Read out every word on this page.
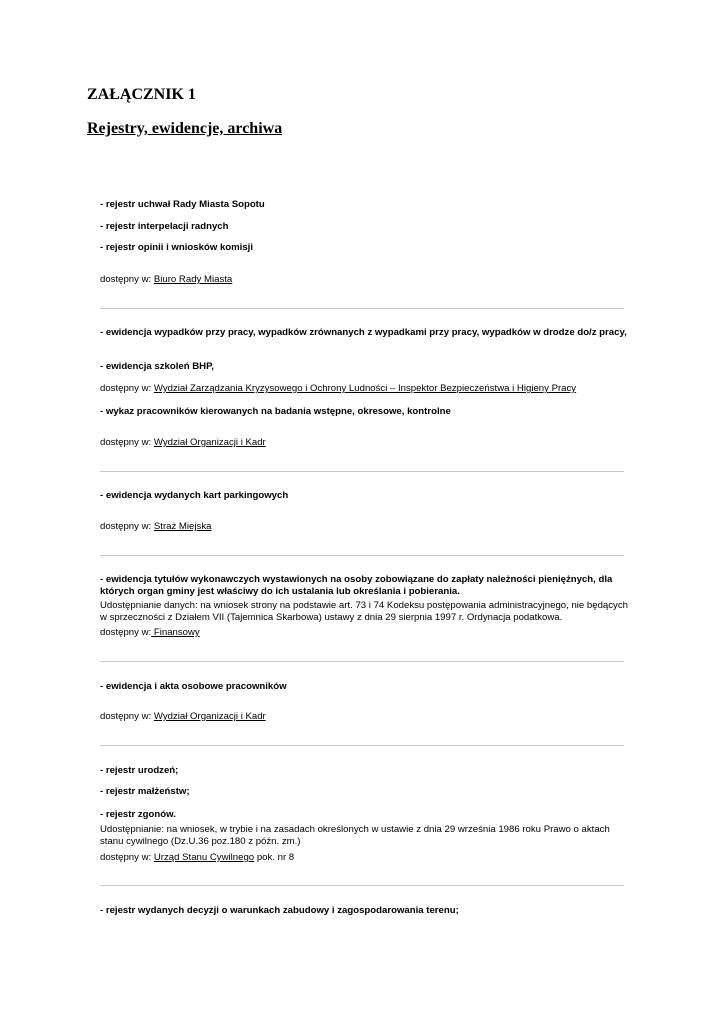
ZAŁĄCZNIK 1
Rejestry, ewidencje, archiwa

- rejestr uchwał Rady Miasta Sopotu

- rejestr interpelacji radnych

- rejestr opinii i wniosków komisji

dostępny w: Biuro Rady Miasta

- ewidencja wypadków przy pracy, wypadków zrównanych z wypadkami przy pracy, wypadków w drodze do/z pracy,

- ewidencja szkoleń BHP,

dostępny w: Wydział Zarządzania Kryzysowego i Ochrony Ludności – Inspektor Bezpieczeństwa i Higieny Pracy

- wykaz pracowników kierowanych na badania wstępne, okresowe, kontrolne

dostępny w: Wydział Organizacji i Kadr

- ewidencja wydanych kart parkingowych

dostępny w: Straż Miejska

- ewidencja tytułów wykonawczych wystawionych na osoby zobowiązane do zapłaty należności pieniężnych, dla których organ gminy jest właściwy do ich ustalania lub określania i pobierania.

Udostępnianie danych: na wniosek strony na podstawie art. 73 i 74 Kodeksu postępowania administracyjnego, nie będących w sprzeczności z Działem VII (Tajemnica Skarbowa) ustawy z dnia 29 sierpnia 1997 r. Ordynacja podatkowa.

dostępny w: Finansowy

- ewidencja i akta osobowe pracowników

dostępny w: Wydział Organizacji i Kadr

- rejestr urodzeń;

- rejestr małżeństw;

- rejestr zgonów.

Udostępnianie: na wniosek, w trybie i na zasadach określonych w ustawie z dnia 29 września 1986 roku Prawo o aktach stanu cywilnego (Dz.U.36 poz.180 z późn. zm.)

dostępny w: Urząd Stanu Cywilnego pok. nr 8

- rejestr wydanych decyzji o warunkach zabudowy i zagospodarowania terenu;
